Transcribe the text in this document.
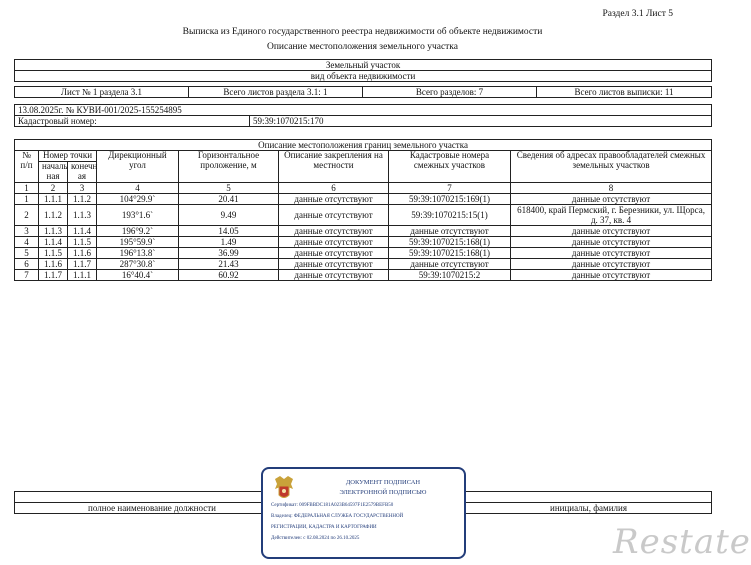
Раздел 3.1 Лист 5
Выписка из Единого государственного реестра недвижимости об объекте недвижимости
Описание местоположения земельного участка
Земельный участок
вид объекта недвижимости

Лист № 1 раздела 3.1	Всего листов раздела 3.1: 1	Всего разделов: 7	Всего листов выписки: 11
13.08.2025г. № КУВИ-001/2025-155254895
Кадастровый номер:	59:39:1070215:170
Описание местоположения границ земельного участка							
№ п/п	Номер точки		Дирекционный угол	Горизонтальное проложение, м	Описание закрепления на местности	Кадастровые номера смежных участков	Сведения об адресах правообладателей смежных земельных участков
	началь ная	конечн ая					
1	2	3	4	5	6	7	8
1	1.1.1	1.1.2	104°29.9`	20.41	данные отсутствуют	59:39:1070215:169(1)	данные отсутствуют
2	1.1.2	1.1.3	193°1.6`	9.49	данные отсутствуют	59:39:1070215:15(1)	618400, край Пермский, г. Березники, ул. Щорса, д. 37, кв. 4
3	1.1.3	1.1.4	196°9.2`	14.05	данные отсутствуют	данные отсутствуют	данные отсутствуют
4	1.1.4	1.1.5	195°59.9`	1.49	данные отсутствуют	59:39:1070215:168(1)	данные отсутствуют
5	1.1.5	1.1.6	196°13.8`	36.99	данные отсутствуют	59:39:1070215:168(1)	данные отсутствуют
6	1.1.6	1.1.7	287°30.8`	21.43	данные отсутствуют	данные отсутствуют	данные отсутствуют
7	1.1.7	1.1.1	16°40.4`	60.92	данные отсутствуют	59:39:1070215:2	данные отсутствуют

полное наименование должности		инициалы, фамилия
ДОКУМЕНТ ПОДПИСАН
ЭЛЕКТРОННОЙ ПОДПИСЬЮ
Сертификат: 009FBBDC181A023B64597F1E2579BEFB50
Владелец: ФЕДЕРАЛЬНАЯ СЛУЖБА ГОСУДАРСТВЕННОЙ
РЕГИСТРАЦИИ, КАДАСТРА И КАРТОГРАФИИ
Действителен: с 02.08.2024 по 26.10.2025	Restate
